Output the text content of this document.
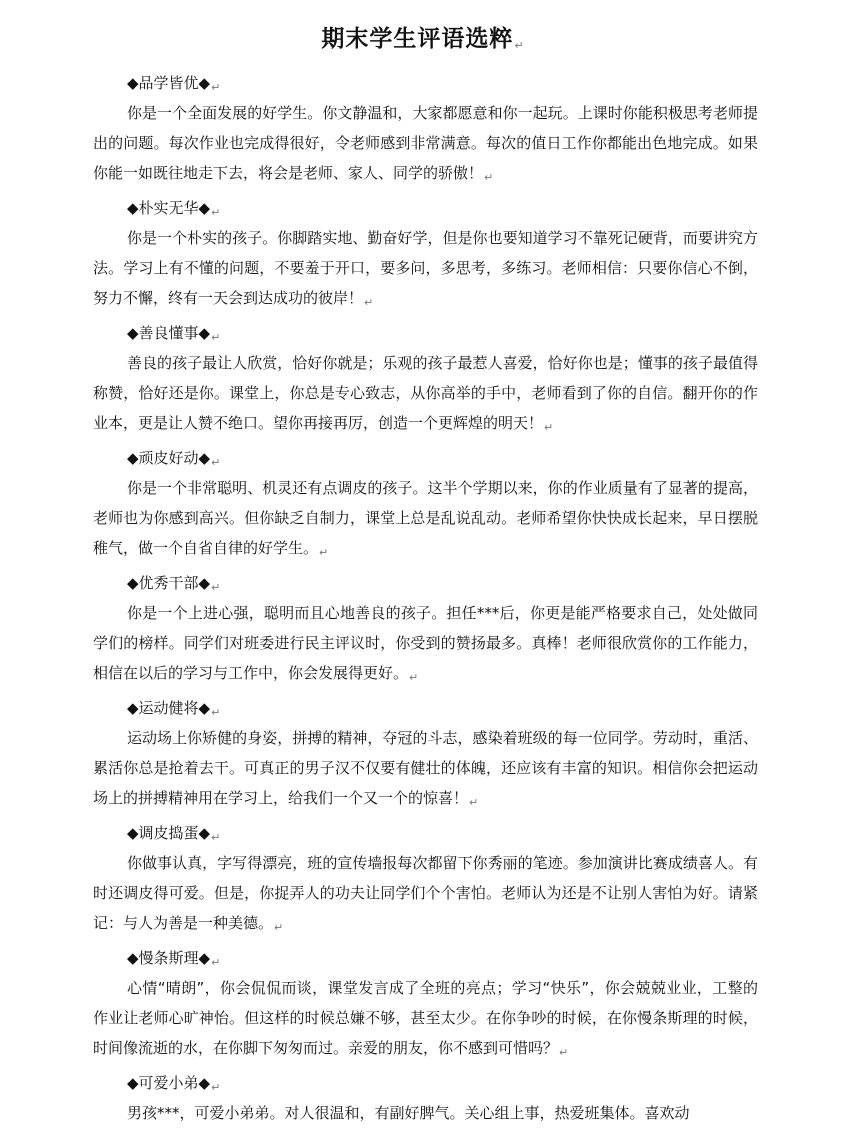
期末学生评语选粹↵
◆品学皆优$◆_↵$

你是一个全面发展的好学生。你文静温和，大家都愿意和你一起玩。上课时你能积极思考老师提出的问题。每次作业也完成得很好，令老师感到非常满意。每次的值日工作你都能出色地完成。如果你能一如既往地走下去，将会是老师、家人、同学的骄傲！$_↵$

◆朴实无华$◆_↵$

你是一个朴实的孩子。你脚踏实地、勤奋好学，但是你也要知道学习不靠死记硬背，而要讲究方法。学习上有不懂的问题，不要羞于开口，要多问，多思考，多练习。老师相信：只要你信心不倒，努力不懈，终有一天会到达成功的彼岸！$_↵$

◆善良懂事$◆_↵$

善良的孩子最让人欣赏，恰好你就是；乐观的孩子最惹人喜爱，恰好你也是；懂事的孩子最值得称赞，恰好还是你。课堂上，你总是专心致志，从你高举的手中，老师看到了你的自信。翻开你的作业本，更是让人赞不绝口。望你再接再厉，创造一个更辉煌的明天！$_↵$

◆顽皮好动$◆_↵$

你是一个非常聪明、机灵还有点调皮的孩子。这半个学期以来，你的作业质量有了显著的提高，老师也为你感到高兴。但你缺乏自制力，课堂上总是乱说乱动。老师希望你快快成长起来，早日摆脱稚气，做一个自省自律的好学生。$_↵$

◆优秀干部$◆_↵$

你是一个上进心强，聪明而且心地善良的孩子。担任***后，你更是能严格要求自己，处处做同学们的榜样。同学们对班委进行民主评议时，你受到的赞扬最多。真棒！老师很欣赏你的工作能力，相信在以后的学习与工作中，你会发展得更好。$_↵$

◆运动健将$◆_↵$

运动场上你矫健的身姿，拼搏的精神，夺冠的斗志，感染着班级的每一位同学。劳动时，重活、累活你总是抢着去干。可真正的男子汉不仅要有健壮的体魄，还应该有丰富的知识。相信你会把运动场上的拼搏精神用在学习上，给我们一个又一个的惊喜！$_↵$

◆调皮捣蛋$◆_↵$

你做事认真，字写得漂亮，班的宣传墙报每次都留下你秀丽的笔迹。参加演讲比赛成绩喜人。有时还调皮得可爱。但是，你捉弄人的功夫让同学们个个害怕。老师认为还是不让别人害怕为好。请紧记：与人为善是一种美德。$_↵$

◆慢条斯理$◆_↵$

心情“晴朗”，你会侃侃而谈，课堂发言成了全班的亮点；学习“快乐”，你会兢兢业业，工整的作业让老师心旷神怡。但这样的时候总嫌不够，甚至太少。在你争吵的时候，在你慢条斯理的时候，时间像流逝的水，在你脚下匆匆而过。亲爱的朋友，你不感到可惜吗？$_↵$

◆可爱小弟$◆_↵$

男孩***，可爱小弟弟。对人很温和，有副好脾气。关心组上事，热爱班集体。喜欢动
